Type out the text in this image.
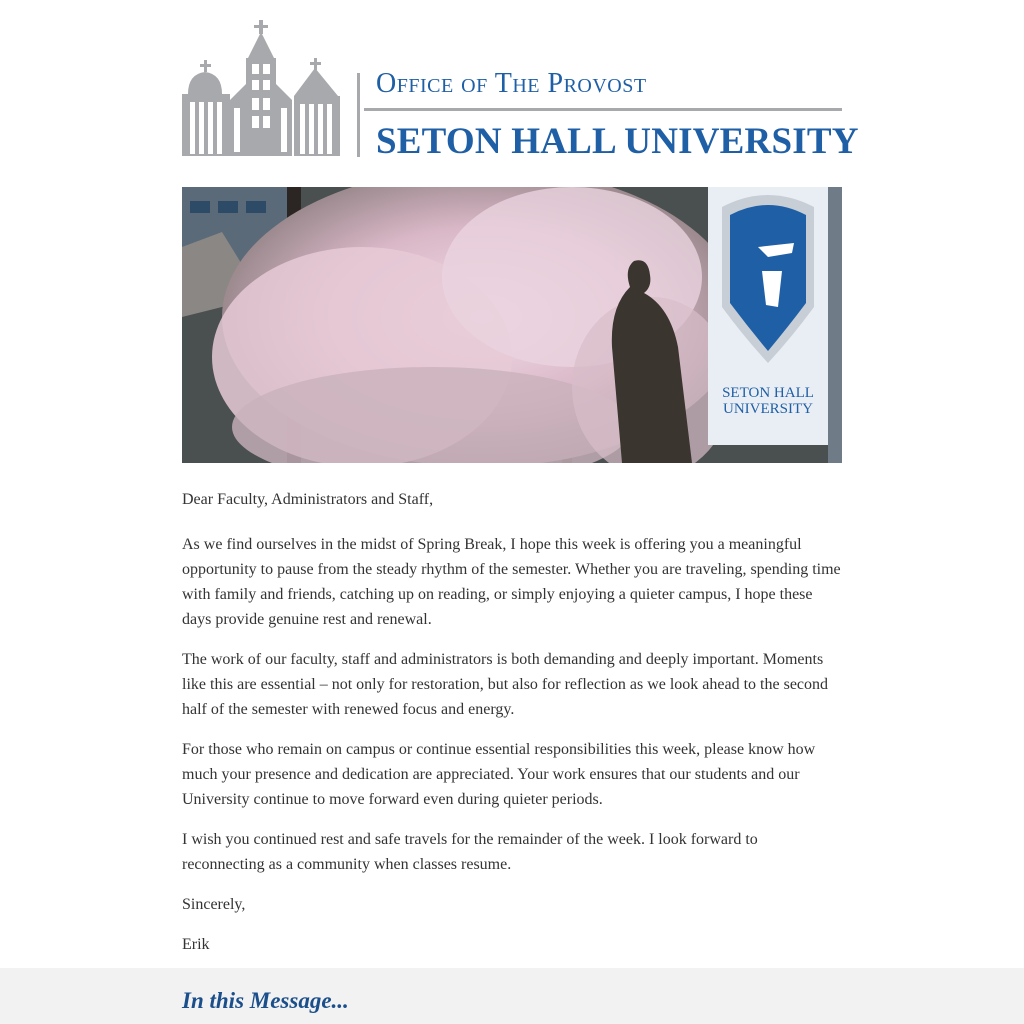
Office of The Provost
SETON HALL UNIVERSITY
SETON HALL
UNIVERSITY

Dear Faculty, Administrators and Staff,

As we find ourselves in the midst of Spring Break, I hope this week is offering you a meaningful opportunity to pause from the steady rhythm of the semester. Whether you are traveling, spending time with family and friends, catching up on reading, or simply enjoying a quieter campus, I hope these days provide genuine rest and renewal.

The work of our faculty, staff and administrators is both demanding and deeply important. Moments like this are essential – not only for restoration, but also for reflection as we look ahead to the second half of the semester with renewed focus and energy.

For those who remain on campus or continue essential responsibilities this week, please know how much your presence and dedication are appreciated. Your work ensures that our students and our University continue to move forward even during quieter periods.

I wish you continued rest and safe travels for the remainder of the week. I look forward to reconnecting as a community when classes resume.

Sincerely,

Erik

In this Message...
